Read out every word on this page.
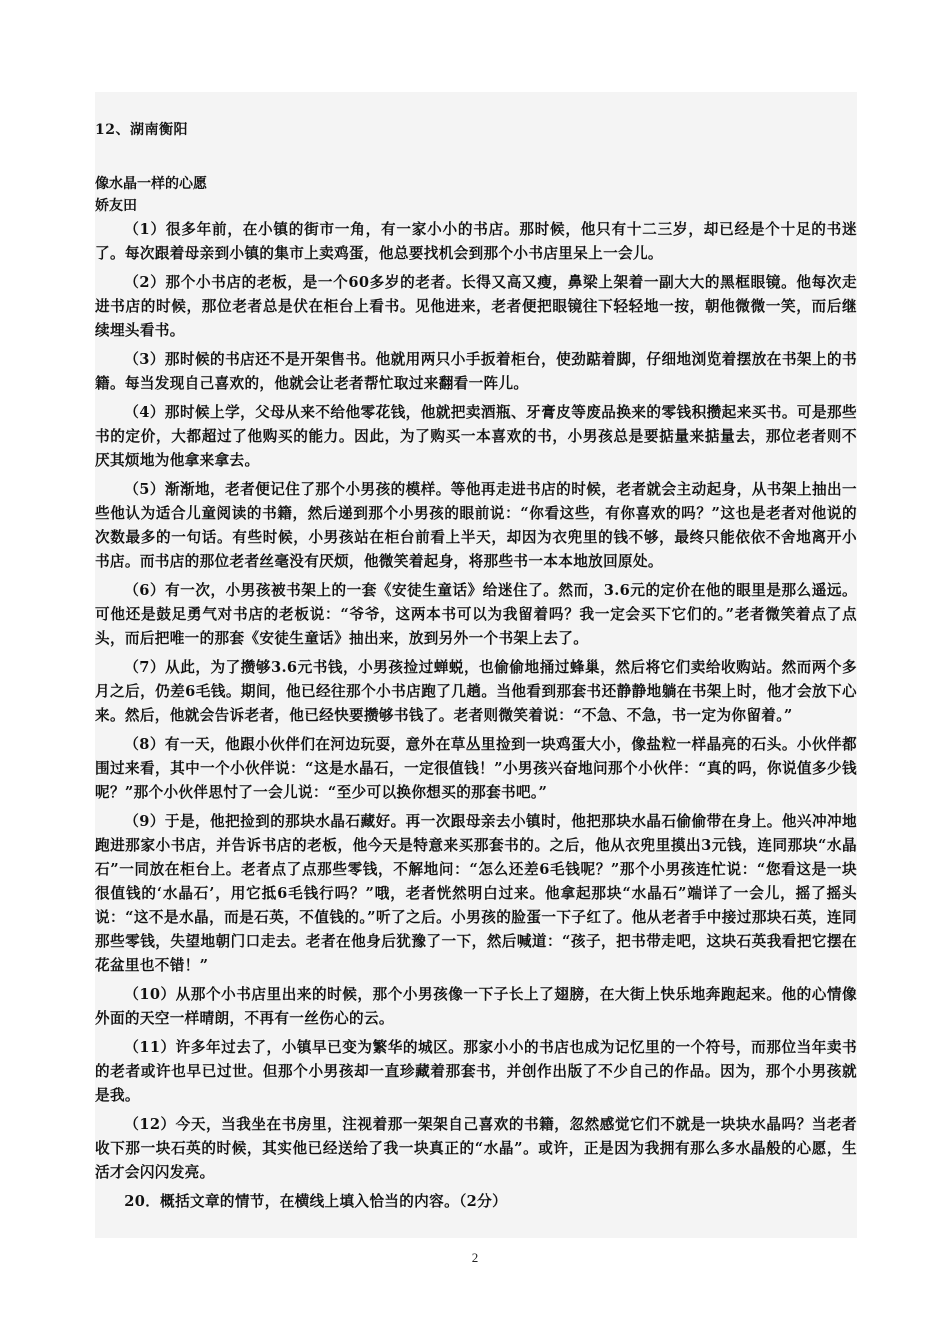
12、湖南衡阳
像水晶一样的心愿
娇友田

（1）很多年前，在小镇的街市一角，有一家小小的书店。那时候，他只有十二三岁，却已经是个十足的书迷了。每次跟着母亲到小镇的集市上卖鸡蛋，他总要找机会到那个小书店里呆上一会儿。

（2）那个小书店的老板，是一个60多岁的老者。长得又高又瘦，鼻梁上架着一副大大的黑框眼镜。他每次走进书店的时候，那位老者总是伏在柜台上看书。见他进来，老者便把眼镜往下轻轻地一按，朝他微微一笑，而后继续埋头看书。

（3）那时候的书店还不是开架售书。他就用两只小手扳着柜台，使劲踮着脚，仔细地浏览着摆放在书架上的书籍。每当发现自己喜欢的，他就会让老者帮忙取过来翻看一阵儿。

（4）那时候上学，父母从来不给他零花钱，他就把卖酒瓶、牙膏皮等废品换来的零钱积攒起来买书。可是那些书的定价，大都超过了他购买的能力。因此，为了购买一本喜欢的书，小男孩总是要掂量来掂量去，那位老者则不厌其烦地为他拿来拿去。

（5）渐渐地，老者便记住了那个小男孩的模样。等他再走进书店的时候，老者就会主动起身，从书架上抽出一些他认为适合儿童阅读的书籍，然后递到那个小男孩的眼前说：“你看这些，有你喜欢的吗？”这也是老者对他说的次数最多的一句话。有些时候，小男孩站在柜台前看上半天，却因为衣兜里的钱不够，最终只能依依不舍地离开小书店。而书店的那位老者丝毫没有厌烦，他微笑着起身，将那些书一本本地放回原处。

（6）有一次，小男孩被书架上的一套《安徒生童话》给迷住了。然而，3.6元的定价在他的眼里是那么遥远。可他还是鼓足勇气对书店的老板说：“爷爷，这两本书可以为我留着吗？我一定会买下它们的。”老者微笑着点了点头，而后把唯一的那套《安徒生童话》抽出来，放到另外一个书架上去了。

（7）从此，为了攒够3.6元书钱，小男孩捡过蝉蜕，也偷偷地捅过蜂巢，然后将它们卖给收购站。然而两个多月之后，仍差6毛钱。期间，他已经往那个小书店跑了几趟。当他看到那套书还静静地躺在书架上时，他才会放下心来。然后，他就会告诉老者，他已经快要攒够书钱了。老者则微笑着说：“不急、不急，书一定为你留着。”

（8）有一天，他跟小伙伴们在河边玩耍，意外在草丛里捡到一块鸡蛋大小，像盐粒一样晶亮的石头。小伙伴都围过来看，其中一个小伙伴说：“这是水晶石，一定很值钱！”小男孩兴奋地问那个小伙伴：“真的吗，你说值多少钱呢？”那个小伙伴思忖了一会儿说：“至少可以换你想买的那套书吧。”

（9）于是，他把捡到的那块水晶石藏好。再一次跟母亲去小镇时，他把那块水晶石偷偷带在身上。他兴冲冲地跑进那家小书店，并告诉书店的老板，他今天是特意来买那套书的。之后，他从衣兜里摸出3元钱，连同那块“水晶石”一同放在柜台上。老者点了点那些零钱，不解地问：“怎么还差6毛钱呢？”那个小男孩连忙说：“您看这是一块很值钱的‘水晶石’，用它抵6毛钱行吗？”哦，老者恍然明白过来。他拿起那块“水晶石”端详了一会儿，摇了摇头说：“这不是水晶，而是石英，不值钱的。”听了之后。小男孩的脸蛋一下子红了。他从老者手中接过那块石英，连同那些零钱，失望地朝门口走去。老者在他身后犹豫了一下，然后喊道：“孩子，把书带走吧，这块石英我看把它摆在花盆里也不错！”

（10）从那个小书店里出来的时候，那个小男孩像一下子长上了翅膀，在大街上快乐地奔跑起来。他的心情像外面的天空一样晴朗，不再有一丝伤心的云。

（11）许多年过去了，小镇早已变为繁华的城区。那家小小的书店也成为记忆里的一个符号，而那位当年卖书的老者或许也早已过世。但那个小男孩却一直珍藏着那套书，并创作出版了不少自己的作品。因为，那个小男孩就是我。

（12）今天，当我坐在书房里，注视着那一架架自己喜欢的书籍，忽然感觉它们不就是一块块水晶吗？当老者收下那一块石英的时候，其实他已经送给了我一块真正的“水晶”。或许，正是因为我拥有那么多水晶般的心愿，生活才会闪闪发亮。

20．概括文章的情节，在横线上填入恰当的内容。（2分）

2
